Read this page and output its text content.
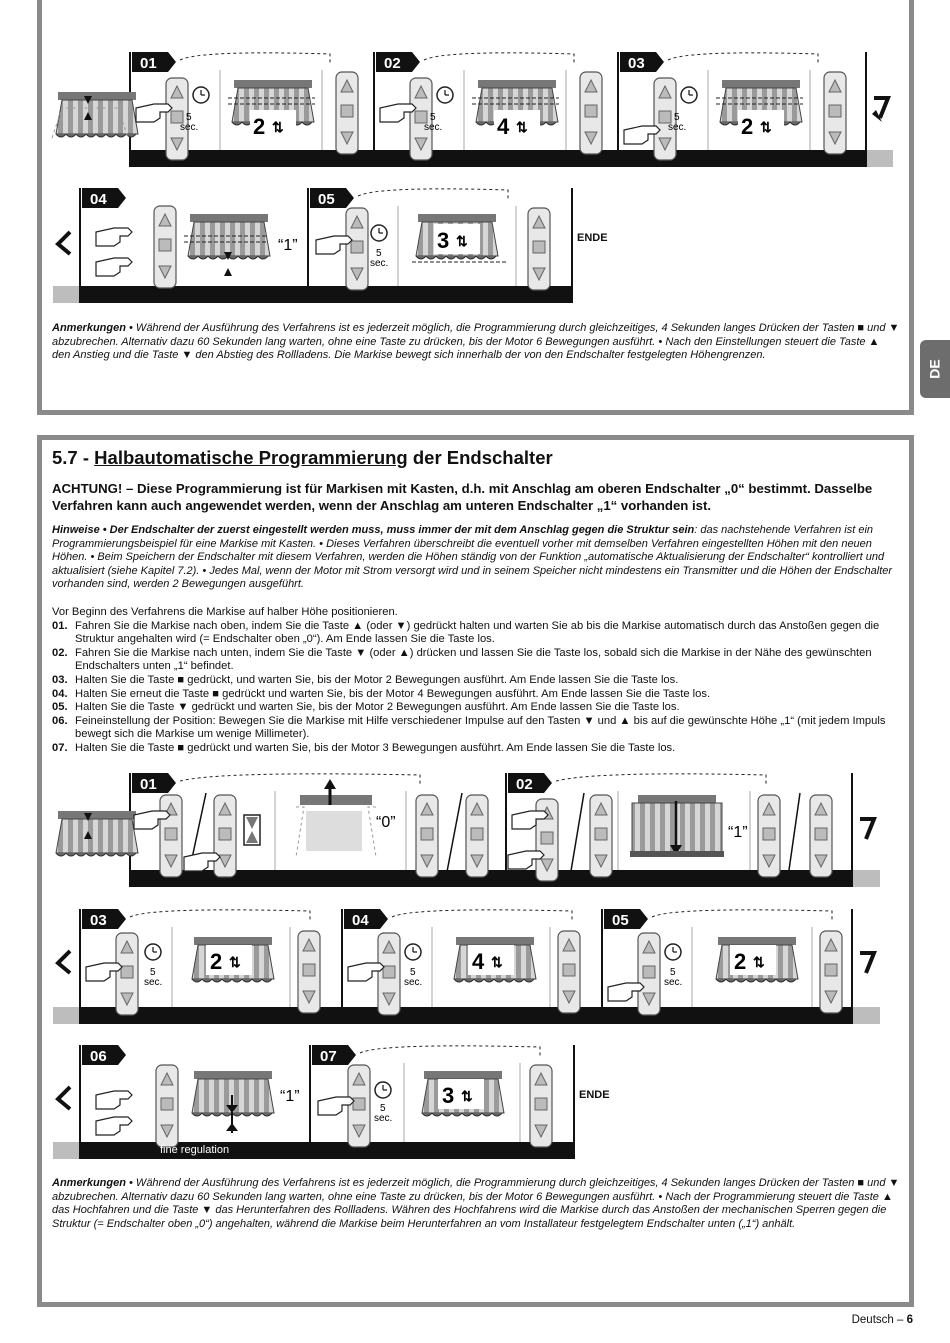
01	02	03
2 ⇅	4 ⇅	2 ⇅
5
sec.
5
sec.
5
sec.
04	05
“1”	5
sec.
3 ⇅	ENDE
Anmerkungen • Während der Ausführung des Verfahrens ist es jederzeit möglich, die Programmierung durch gleichzeitiges, 4 Sekunden langes Drücken der Tasten ■ und ▼ abzubrechen. Alternativ dazu 60 Sekunden lang warten, ohne eine Taste zu drücken, bis der Motor 6 Bewegungen ausführt. • Nach den Einstellungen steuert die Taste ▲ den Anstieg und die Taste ▼ den Abstieg des Rollladens. Die Markise bewegt sich innerhalb der von den Endschalter festgelegten Höhengrenzen.
DE
5.7 - Halbautomatische Programmierung der Endschalter
ACHTUNG! – Diese Programmierung ist für Markisen mit Kasten, d.h. mit Anschlag am oberen Endschalter „0“ bestimmt. Dasselbe Verfahren kann auch angewendet werden, wenn der Anschlag am unteren Endschalter „1“ vorhanden ist.
Hinweise • Der Endschalter der zuerst eingestellt werden muss, muss immer der mit dem Anschlag gegen die Struktur sein: das nachstehende Verfahren ist ein Programmierungsbeispiel für eine Markise mit Kasten. • Dieses Verfahren überschreibt die eventuell vorher mit demselben Verfahren eingestellten Höhen mit den neuen Höhen. • Beim Speichern der Endschalter mit diesem Verfahren, werden die Höhen ständig von der Funktion „automatische Aktualisierung der Endschalter“ kontrolliert und aktualisiert (siehe Kapitel 7.2). • Jedes Mal, wenn der Motor mit Strom versorgt wird und in seinem Speicher nicht mindestens ein Transmitter und die Höhen der Endschalter vorhanden sind, werden 2 Bewegungen ausgeführt.
Vor Beginn des Verfahrens die Markise auf halber Höhe positionieren.
01. Fahren Sie die Markise nach oben, indem Sie die Taste ▲ (oder ▼) gedrückt halten und warten Sie ab bis die Markise automatisch durch das Anstoßen gegen die Struktur angehalten wird (= Endschalter oben „0“). Am Ende lassen Sie die Taste los.
02. Fahren Sie die Markise nach unten, indem Sie die Taste ▼ (oder ▲) drücken und lassen Sie die Taste los, sobald sich die Markise in der Nähe des gewünschten Endschalters unten „1“ befindet.
03. Halten Sie die Taste ■ gedrückt, und warten Sie, bis der Motor 2 Bewegungen ausführt. Am Ende lassen Sie die Taste los.
04. Halten Sie erneut die Taste ■ gedrückt und warten Sie, bis der Motor 4 Bewegungen ausführt. Am Ende lassen Sie die Taste los.
05. Halten Sie die Taste ▼ gedrückt und warten Sie, bis der Motor 2 Bewegungen ausführt. Am Ende lassen Sie die Taste los.
06. Feineinstellung der Position: Bewegen Sie die Markise mit Hilfe verschiedener Impulse auf den Tasten ▼ und ▲ bis auf die gewünschte Höhe „1“ (mit jedem Impuls bewegt sich die Markise um wenige Millimeter).
07. Halten Sie die Taste ■ gedrückt und warten Sie, bis der Motor 3 Bewegungen ausführt. Am Ende lassen Sie die Taste los.
01	02
“0”
“1”
03	04	05
5
sec.
2 ⇅
5
sec.
4 ⇅
5
sec.
2 ⇅
06	07
“1”
5
sec.
3 ⇅
fine regulation
ENDE
Anmerkungen • Während der Ausführung des Verfahrens ist es jederzeit möglich, die Programmierung durch gleichzeitiges, 4 Sekunden langes Drücken der Tasten ■ und ▼ abzubrechen. Alternativ dazu 60 Sekunden lang warten, ohne eine Taste zu drücken, bis der Motor 6 Bewegungen ausführt. • Nach der Programmierung steuert die Taste ▲ das Hochfahren und die Taste ▼ das Herunterfahren des Rollladens. Währen des Hochfahrens wird die Markise durch das Anstoßen der mechanischen Sperren gegen die Struktur (= Endschalter oben „0“) angehalten, während die Markise beim Herunterfahren an vom Installateur festgelegtem Endschalter unten („1“) anhält.
Deutsch – 6
